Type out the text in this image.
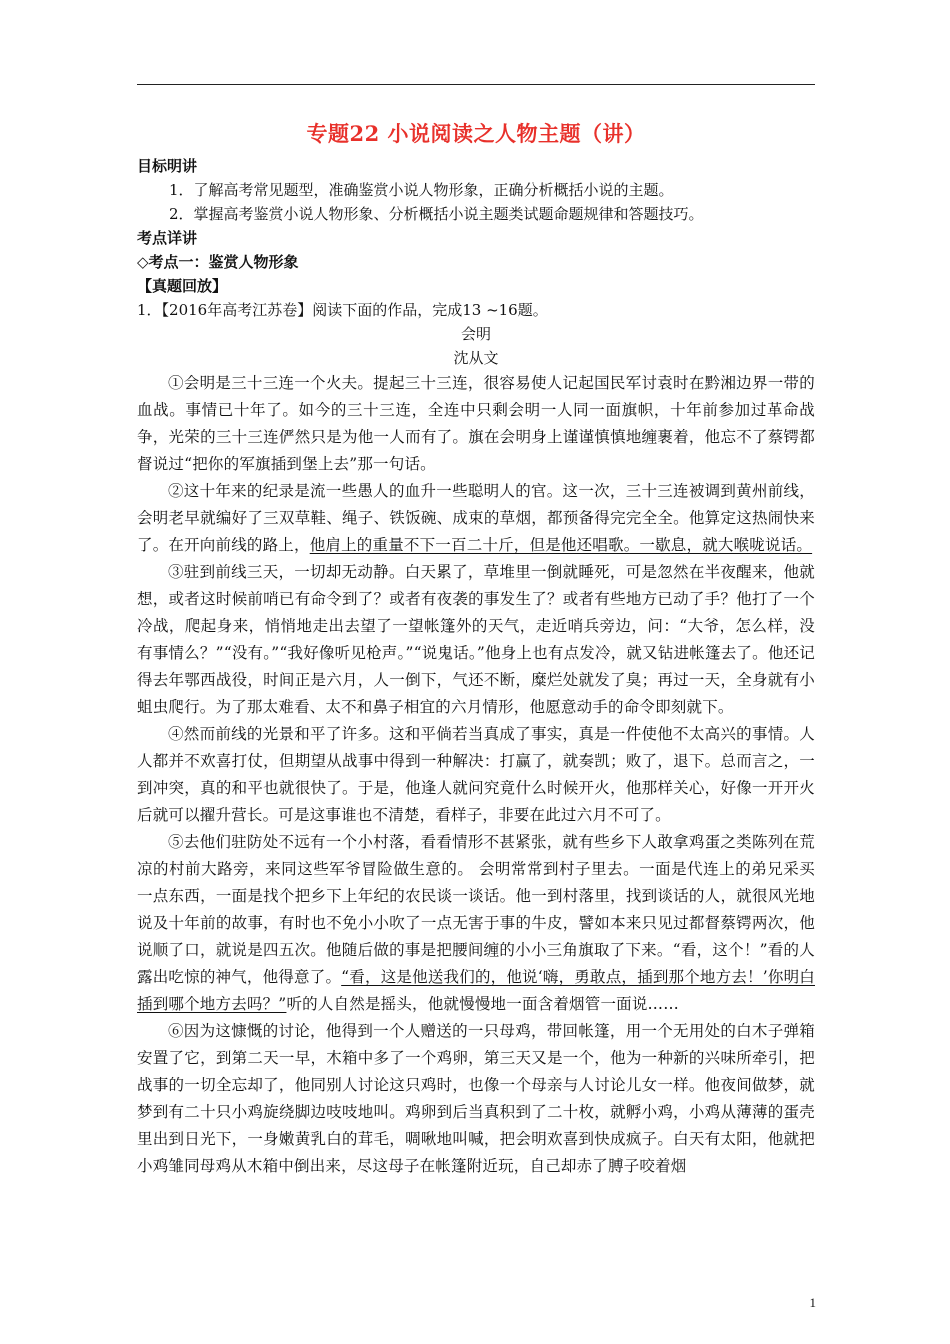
专题22 小说阅读之人物主题（讲）

目标明讲

1．了解高考常见题型，准确鉴赏小说人物形象，正确分析概括小说的主题。

2．掌握高考鉴赏小说人物形象、分析概括小说主题类试题命题规律和答题技巧。

考点详讲

◇考点一：鉴赏人物形象

【真题回放】

1．【2016年高考江苏卷】阅读下面的作品，完成13 ~16题。

会明

沈从文

①会明是三十三连一个火夫。提起三十三连，很容易使人记起国民军讨袁时在黔湘边界一带的血战。事情已十年了。如今的三十三连，全连中只剩会明一人同一面旗帜，十年前参加过革命战争，光荣的三十三连俨然只是为他一人而有了。旗在会明身上谨谨慎慎地缠裹着，他忘不了蔡锷都督说过“把你的军旗插到堡上去”那一句话。

②这十年来的纪录是流一些愚人的血升一些聪明人的官。这一次，三十三连被调到黄州前线，会明老早就编好了三双草鞋、绳子、铁饭碗、成束的草烟，都预备得完完全全。他算定这热闹快来了。在开向前线的路上，他肩上的重量不下一百二十斤，但是他还唱歌。一歇息，就大喉咙说话。

③驻到前线三天，一切却无动静。白天累了，草堆里一倒就睡死，可是忽然在半夜醒来，他就想，或者这时候前哨已有命令到了？或者有夜袭的事发生了？或者有些地方已动了手？他打了一个冷战，爬起身来，悄悄地走出去望了一望帐篷外的天气，走近哨兵旁边，问：“大爷，怎么样，没有事情么？”“没有。”“我好像听见枪声。”“说鬼话。”他身上也有点发冷，就又钻进帐篷去了。他还记得去年鄂西战役，时间正是六月，人一倒下，气还不断，糜烂处就发了臭；再过一天，全身就有小蛆虫爬行。为了那太难看、太不和鼻子相宜的六月情形，他愿意动手的命令即刻就下。

④然而前线的光景和平了许多。这和平倘若当真成了事实，真是一件使他不太高兴的事情。人人都并不欢喜打仗，但期望从战事中得到一种解决：打赢了，就奏凯；败了，退下。总而言之，一到冲突，真的和平也就很快了。于是，他逢人就问究竟什么时候开火，他那样关心，好像一开开火后就可以擢升营长。可是这事谁也不清楚，看样子，非要在此过六月不可了。

⑤去他们驻防处不远有一个小村落，看看情形不甚紧张，就有些乡下人敢拿鸡蛋之类陈列在荒凉的村前大路旁，来同这些军爷冒险做生意的。 会明常常到村子里去。一面是代连上的弟兄采买一点东西，一面是找个把乡下上年纪的农民谈一谈话。他一到村落里，找到谈话的人，就很风光地说及十年前的故事，有时也不免小小吹了一点无害于事的牛皮，譬如本来只见过都督蔡锷两次，他说顺了口，就说是四五次。他随后做的事是把腰间缠的小小三角旗取了下来。“看，这个！”看的人露出吃惊的神气，他得意了。“看，这是他送我们的，他说‘嗨，勇敢点，插到那个地方去！’你明白插到哪个地方去吗？”听的人自然是摇头，他就慢慢地一面含着烟管一面说……

⑥因为这慷慨的讨论，他得到一个人赠送的一只母鸡，带回帐篷，用一个无用处的白木子弹箱安置了它，到第二天一早，木箱中多了一个鸡卵，第三天又是一个，他为一种新的兴味所牵引，把战事的一切全忘却了，他同别人讨论这只鸡时，也像一个母亲与人讨论儿女一样。他夜间做梦，就梦到有二十只小鸡旋绕脚边吱吱地叫。鸡卵到后当真积到了二十枚，就孵小鸡，小鸡从薄薄的蛋壳里出到日光下，一身嫩黄乳白的茸毛，啁啾地叫喊，把会明欢喜到快成疯子。白天有太阳，他就把小鸡雏同母鸡从木箱中倒出来，尽这母子在帐篷附近玩，自己却赤了膊子咬着烟

1
